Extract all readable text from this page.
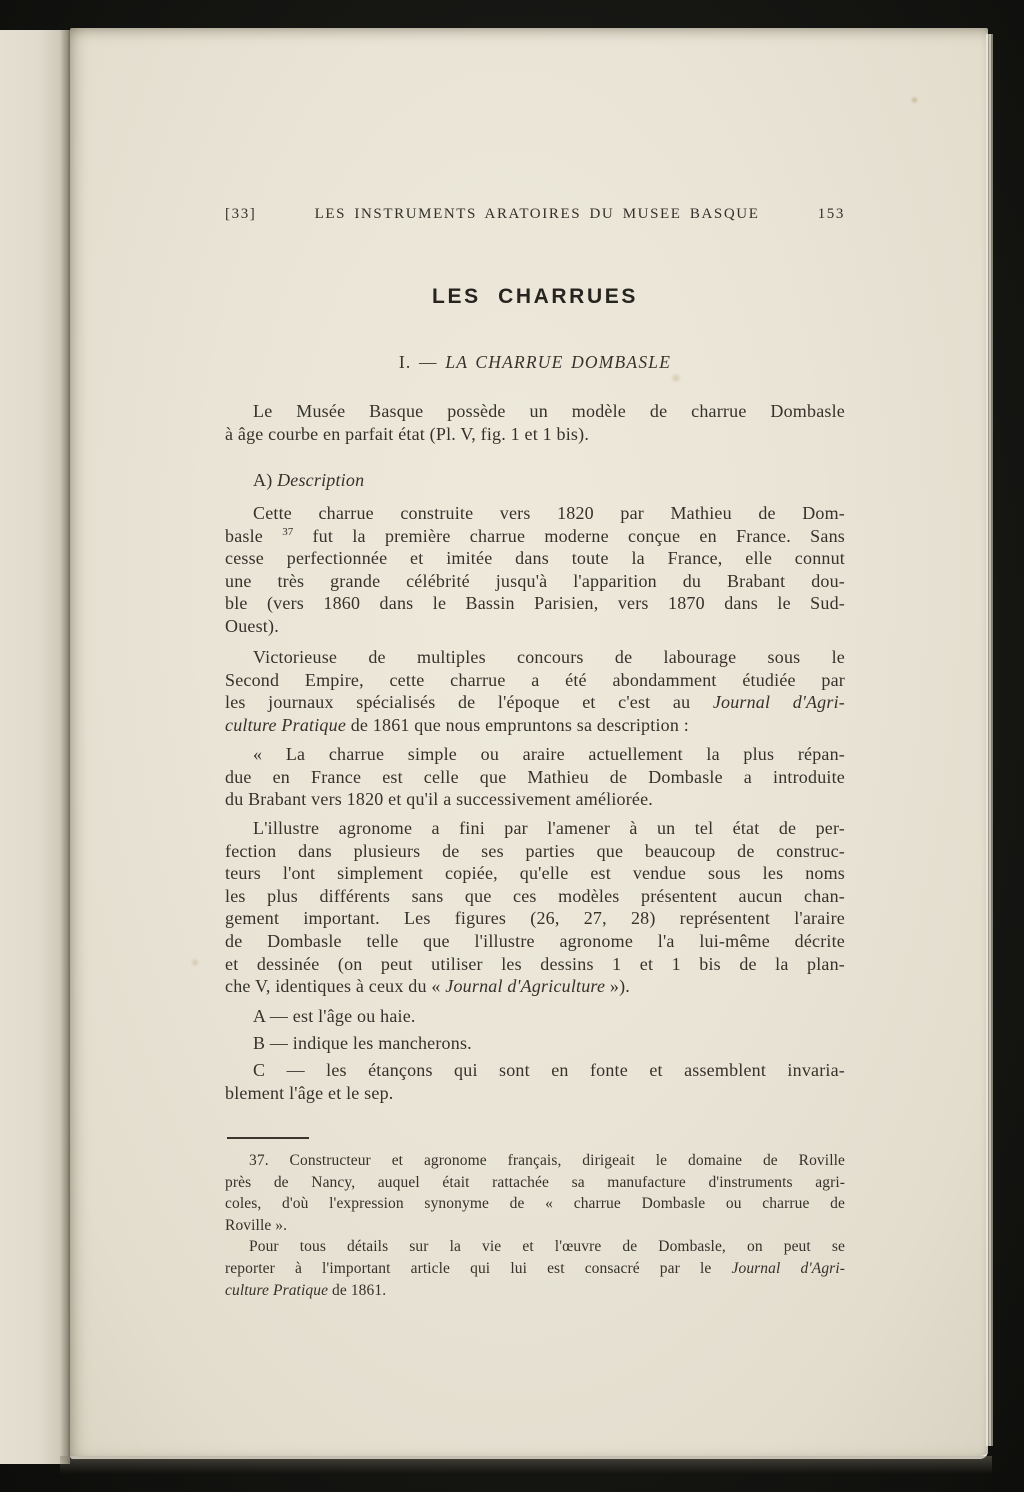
[33]	LES INSTRUMENTS ARATOIRES DU MUSEE BASQUE	153
LES CHARRUES
I. — LA CHARRUE DOMBASLE
Le Musée Basque possède un modèle de charrue Dombasle
à âge courbe en parfait état (Pl. V, fig. 1 et 1 bis).
A) Description
Cette charrue construite vers 1820 par Mathieu de Dom-
basle $^{37}$ fut la première charrue moderne conçue en France. Sans
cesse perfectionnée et imitée dans toute la France, elle connut
une très grande célébrité jusqu'à l'apparition du Brabant dou-
ble (vers 1860 dans le Bassin Parisien, vers 1870 dans le Sud-
Ouest).
Victorieuse de multiples concours de labourage sous le
Second Empire, cette charrue a été abondamment étudiée par
les journaux spécialisés de l'époque et c'est au Journal d'Agri-
culture Pratique de 1861 que nous empruntons sa description :
« La charrue simple ou araire actuellement la plus répan-
due en France est celle que Mathieu de Dombasle a introduite
du Brabant vers 1820 et qu'il a successivement améliorée.
L'illustre agronome a fini par l'amener à un tel état de per-
fection dans plusieurs de ses parties que beaucoup de construc-
teurs l'ont simplement copiée, qu'elle est vendue sous les noms
les plus différents sans que ces modèles présentent aucun chan-
gement important. Les figures (26, 27, 28) représentent l'araire
de Dombasle telle que l'illustre agronome l'a lui-même décrite
et dessinée (on peut utiliser les dessins 1 et 1 bis de la plan-
che V, identiques à ceux du « Journal d'Agriculture »).
A — est l'âge ou haie.
B — indique les mancherons.
C — les étançons qui sont en fonte et assemblent invaria-
blement l'âge et le sep.
37. Constructeur et agronome français, dirigeait le domaine de Roville
près de Nancy, auquel était rattachée sa manufacture d'instruments agri-
coles, d'où l'expression synonyme de « charrue Dombasle ou charrue de
Roville ».
Pour tous détails sur la vie et l'œuvre de Dombasle, on peut se
reporter à l'important article qui lui est consacré par le Journal d'Agri-
culture Pratique de 1861.
